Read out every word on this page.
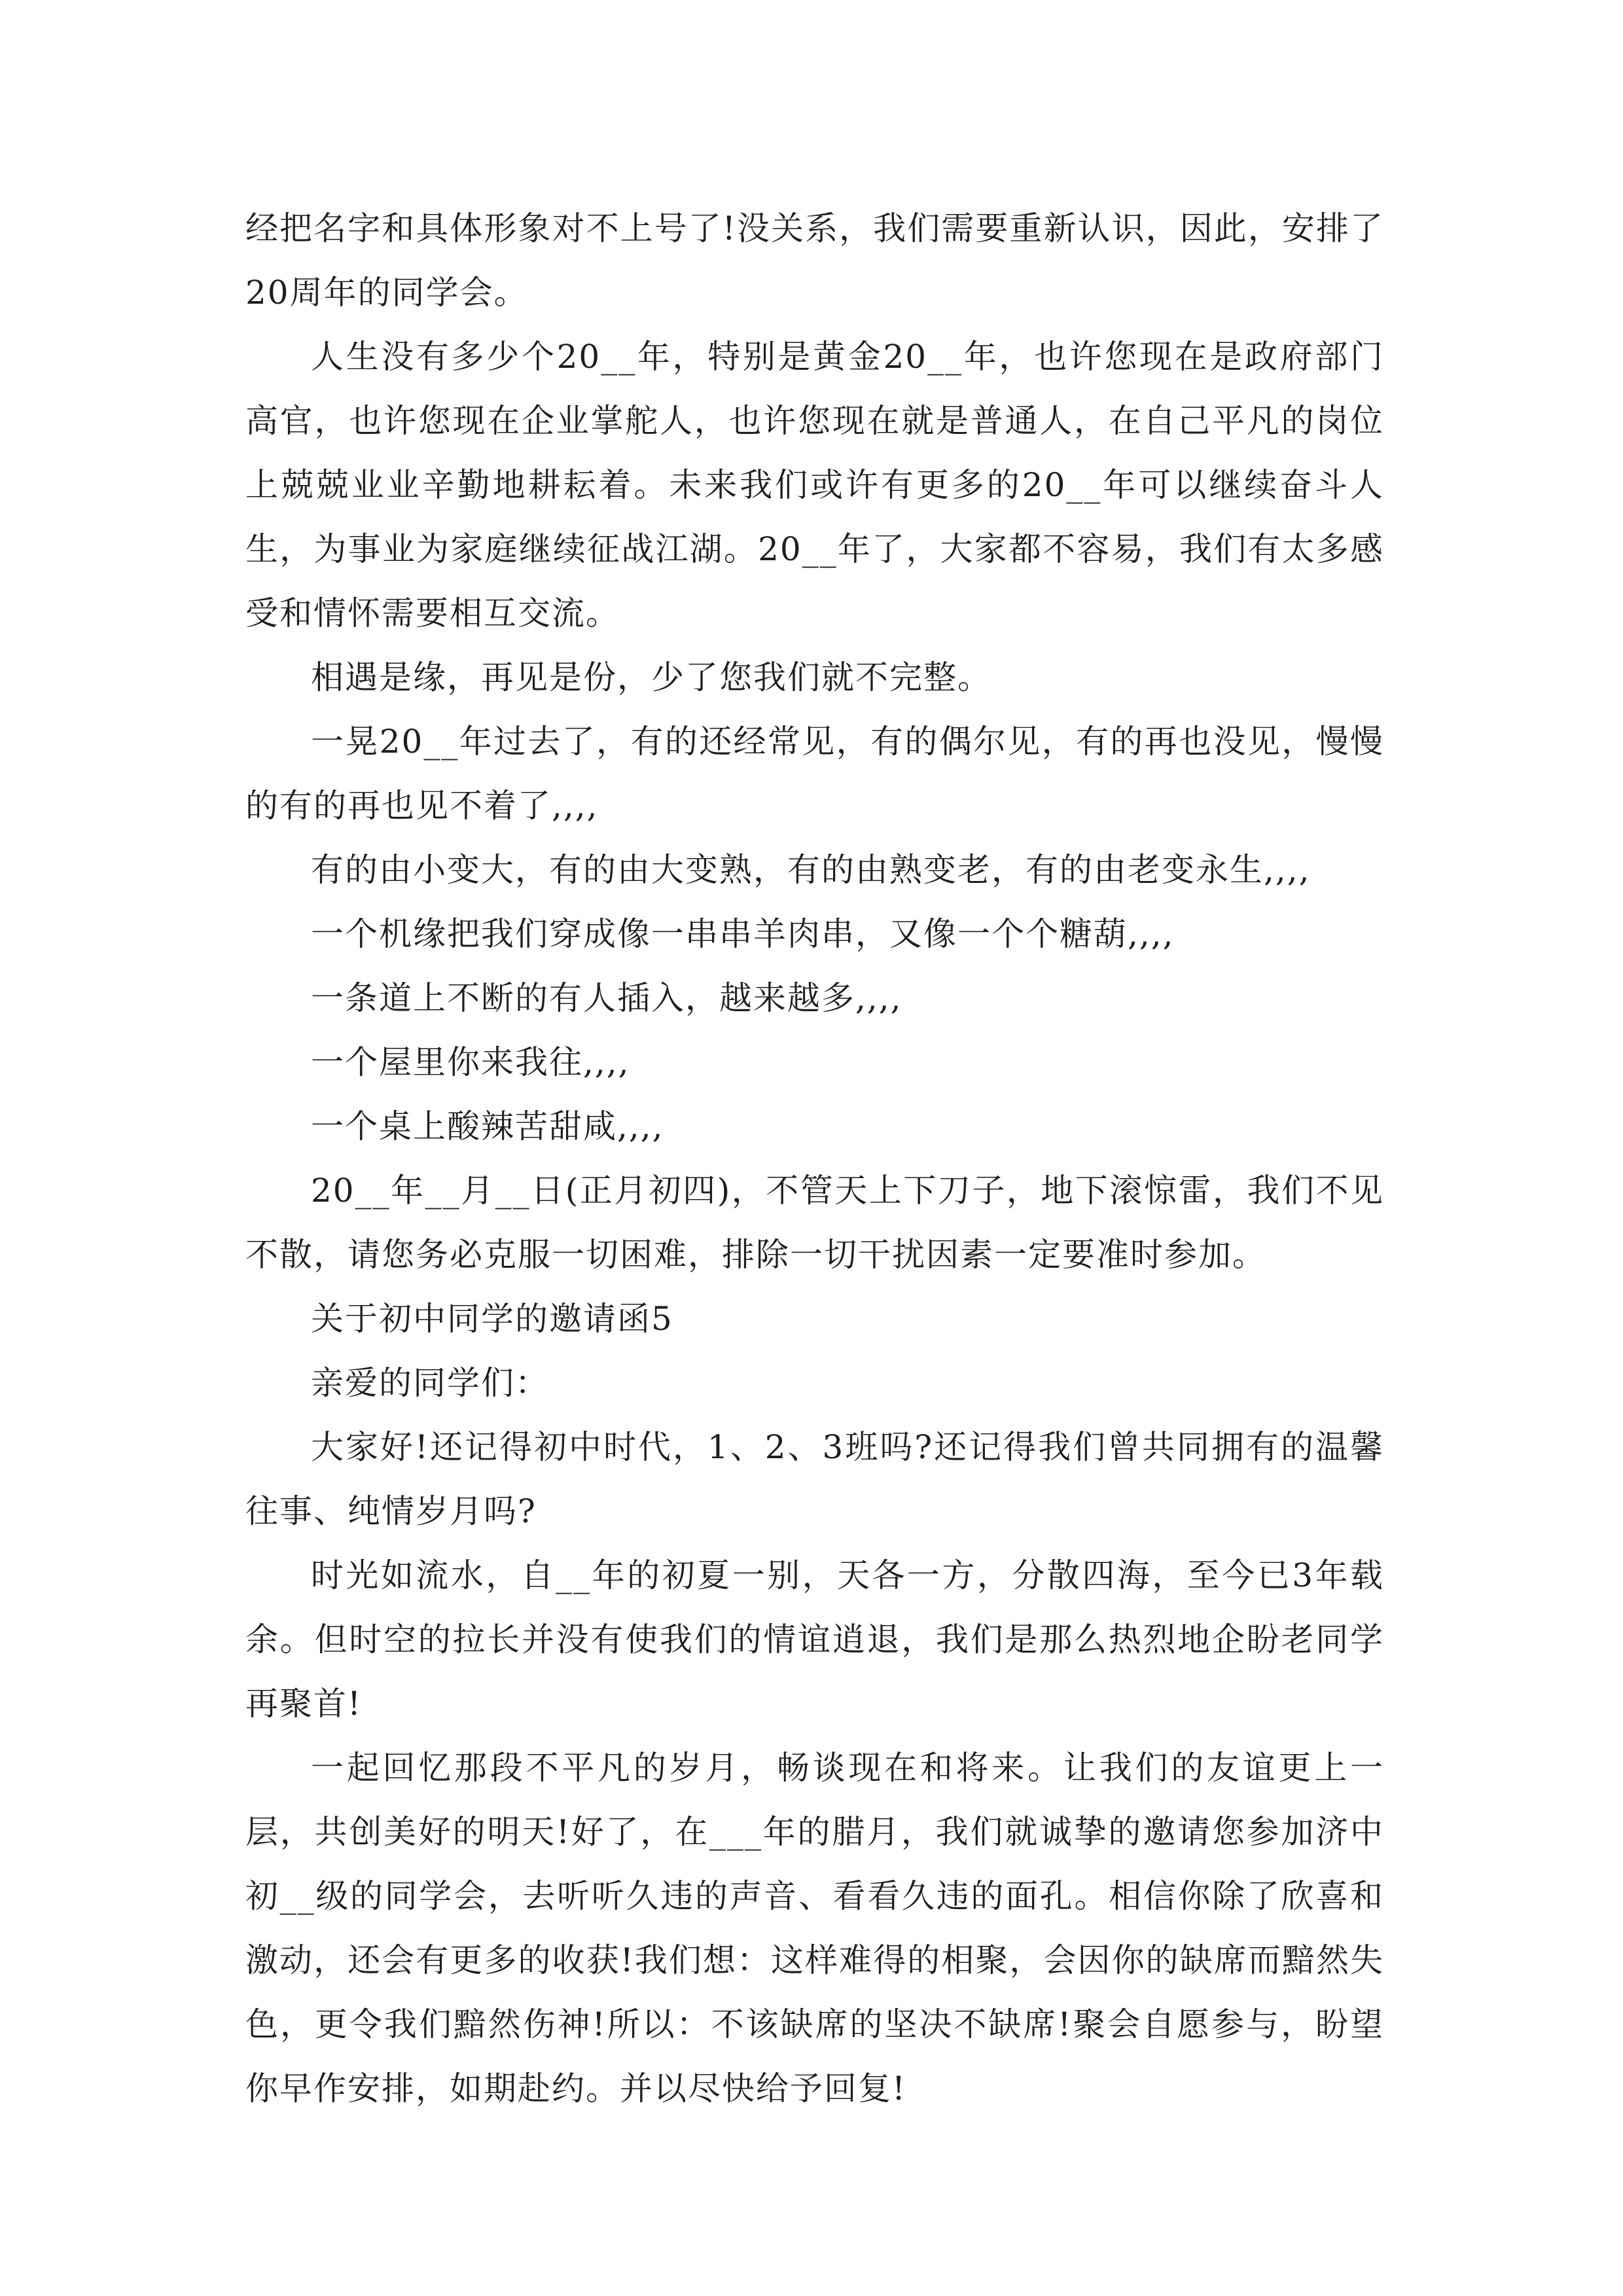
经把名字和具体形象对不上号了!没关系，我们需要重新认识，因此，安排了20周年的同学会。

人生没有多少个20__年，特别是黄金20__年，也许您现在是政府部门高官，也许您现在企业掌舵人，也许您现在就是普通人，在自己平凡的岗位上兢兢业业辛勤地耕耘着。未来我们或许有更多的20__年可以继续奋斗人生，为事业为家庭继续征战江湖。20__年了，大家都不容易，我们有太多感受和情怀需要相互交流。

相遇是缘，再见是份，少了您我们就不完整。

一晃20__年过去了，有的还经常见，有的偶尔见，有的再也没见，慢慢的有的再也见不着了,,,,

有的由小变大，有的由大变熟，有的由熟变老，有的由老变永生,,,,

一个机缘把我们穿成像一串串羊肉串，又像一个个糖葫,,,,

一条道上不断的有人插入，越来越多,,,,

一个屋里你来我往,,,,

一个桌上酸辣苦甜咸,,,,

20__年__月__日(正月初四)，不管天上下刀子，地下滚惊雷，我们不见不散，请您务必克服一切困难，排除一切干扰因素一定要准时参加。

关于初中同学的邀请函5

亲爱的同学们：

大家好!还记得初中时代，1、2、3班吗?还记得我们曾共同拥有的温馨往事、纯情岁月吗?

时光如流水，自__年的初夏一别，天各一方，分散四海，至今已3年载余。但时空的拉长并没有使我们的情谊逍退，我们是那么热烈地企盼老同学再聚首!

一起回忆那段不平凡的岁月，畅谈现在和将来。让我们的友谊更上一层，共创美好的明天!好了，在___年的腊月，我们就诚挚的邀请您参加济中初__级的同学会，去听听久违的声音、看看久违的面孔。相信你除了欣喜和激动，还会有更多的收获!我们想：这样难得的相聚，会因你的缺席而黯然失色，更令我们黯然伤神!所以：不该缺席的坚决不缺席!聚会自愿参与，盼望你早作安排，如期赴约。并以尽快给予回复!
